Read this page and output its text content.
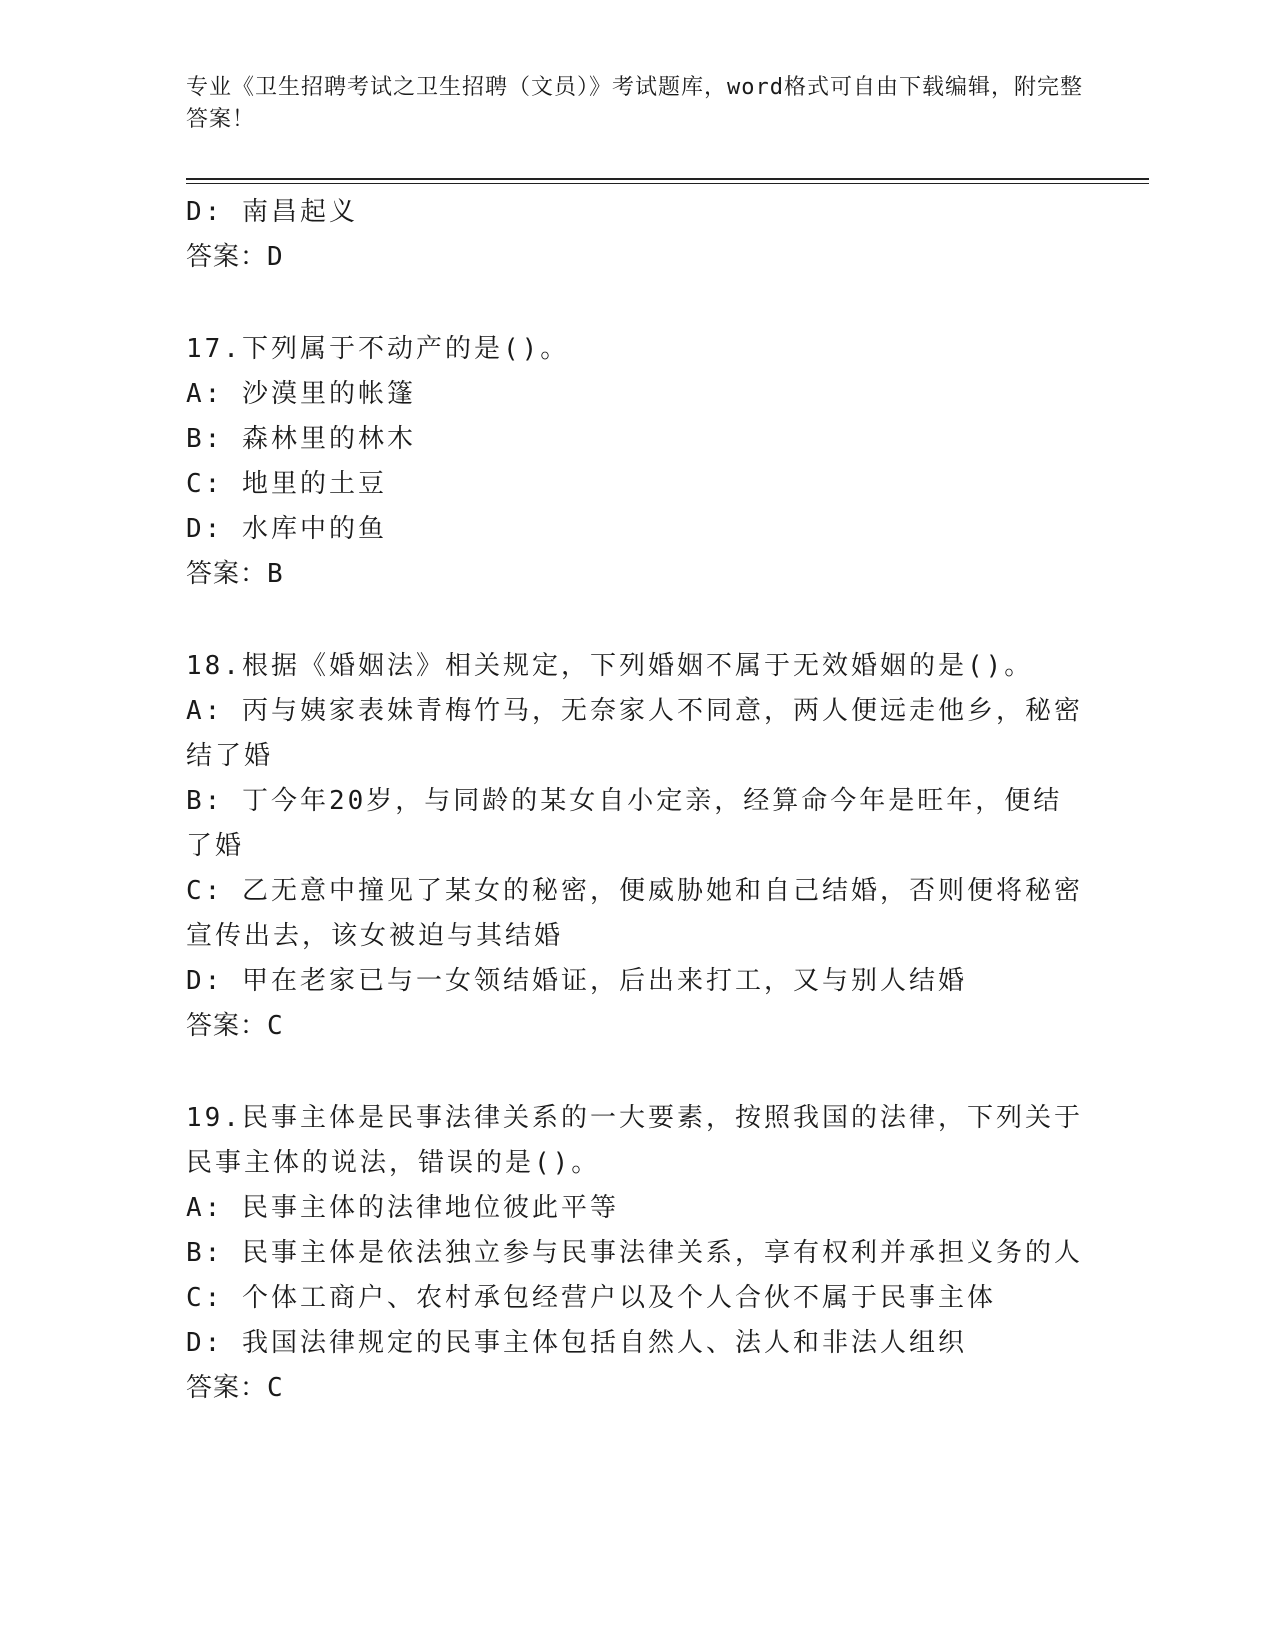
专业《卫生招聘考试之卫生招聘（文员）》考试题库，word格式可自由下载编辑，附完整答案！
D: 南昌起义
答案：D
17.下列属于不动产的是()。
A: 沙漠里的帐篷
B: 森林里的林木
C: 地里的土豆
D: 水库中的鱼
答案：B
18.根据《婚姻法》相关规定，下列婚姻不属于无效婚姻的是()。
A: 丙与姨家表妹青梅竹马，无奈家人不同意，两人便远走他乡，秘密结了婚
B: 丁今年20岁，与同龄的某女自小定亲，经算命今年是旺年，便结了婚
C: 乙无意中撞见了某女的秘密，便威胁她和自己结婚，否则便将秘密宣传出去，该女被迫与其结婚
D: 甲在老家已与一女领结婚证，后出来打工，又与别人结婚
答案：C
19.民事主体是民事法律关系的一大要素，按照我国的法律，下列关于民事主体的说法，错误的是()。
A: 民事主体的法律地位彼此平等
B: 民事主体是依法独立参与民事法律关系，享有权利并承担义务的人
C: 个体工商户、农村承包经营户以及个人合伙不属于民事主体
D: 我国法律规定的民事主体包括自然人、法人和非法人组织
答案：C
